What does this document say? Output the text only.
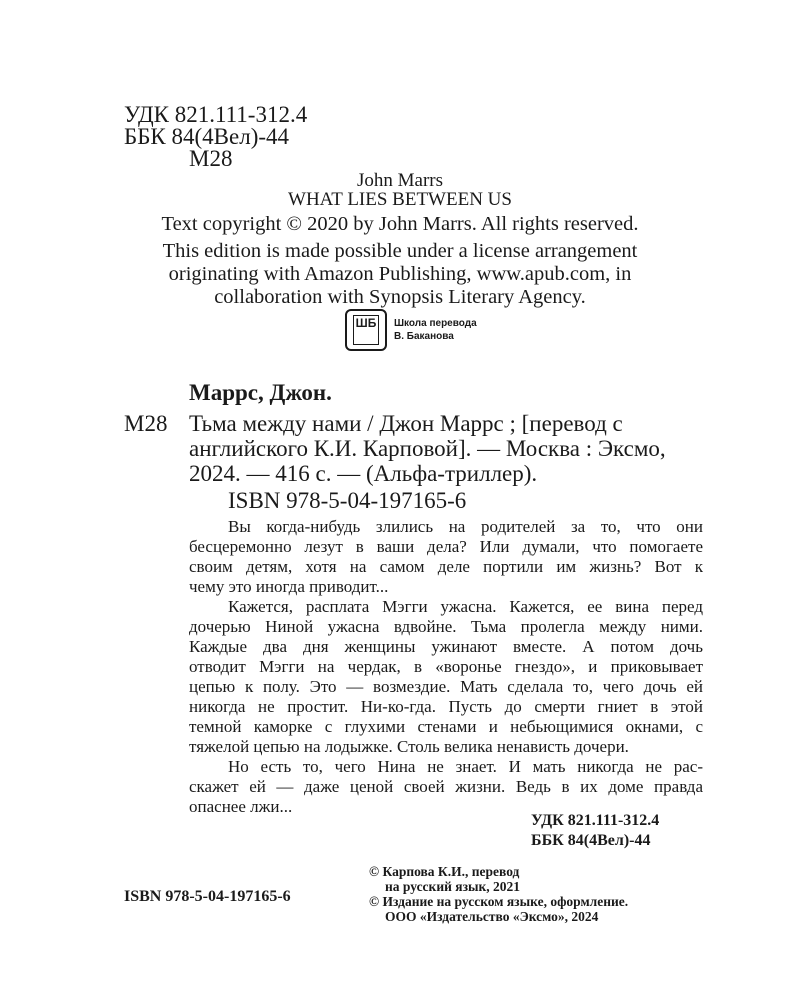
УДК 821.111-312.4
ББК 84(4Вел)-44
М28
John Marrs
WHAT LIES BETWEEN US
Text copyright © 2020 by John Marrs. All rights reserved.
This edition is made possible under a license arrangement
originating with Amazon Publishing, www.apub.com, in
collaboration with Synopsis Literary Agency.
ШБ Школа перевода
В. Баканова
Маррс, Джон.
М28 Тьма между нами / Джон Маррс ; [перевод с
английского К.И. Карповой]. — Москва : Эксмо,
2024. — 416 с. — (Альфа-триллер).
ISBN 978-5-04-197165-6
Вы когда-нибудь злились на родителей за то, что они
бесцеремонно лезут в ваши дела? Или думали, что помогаете
своим детям, хотя на самом деле портили им жизнь? Вот к
чему это иногда приводит...
Кажется, расплата Мэгги ужасна. Кажется, ее вина перед
дочерью Ниной ужасна вдвойне. Тьма пролегла между ними.
Каждые два дня женщины ужинают вместе. А потом дочь
отводит Мэгги на чердак, в «воронье гнездо», и приковывает
цепью к полу. Это — возмездие. Мать сделала то, чего дочь ей
никогда не простит. Ни-ко-гда. Пусть до смерти гниет в этой
темной каморке с глухими стенами и небьющимися окнами, с
тяжелой цепью на лодыжке. Столь велика ненависть дочери.
Но есть то, чего Нина не знает. И мать никогда не рас-
скажет ей — даже ценой своей жизни. Ведь в их доме правда
опаснее лжи...
УДК 821.111-312.4
ББК 84(4Вел)-44
© Карпова К.И., перевод
на русский язык, 2021
© Издание на русском языке, оформление.
ООО «Издательство «Эксмо», 2024
ISBN 978-5-04-197165-6
